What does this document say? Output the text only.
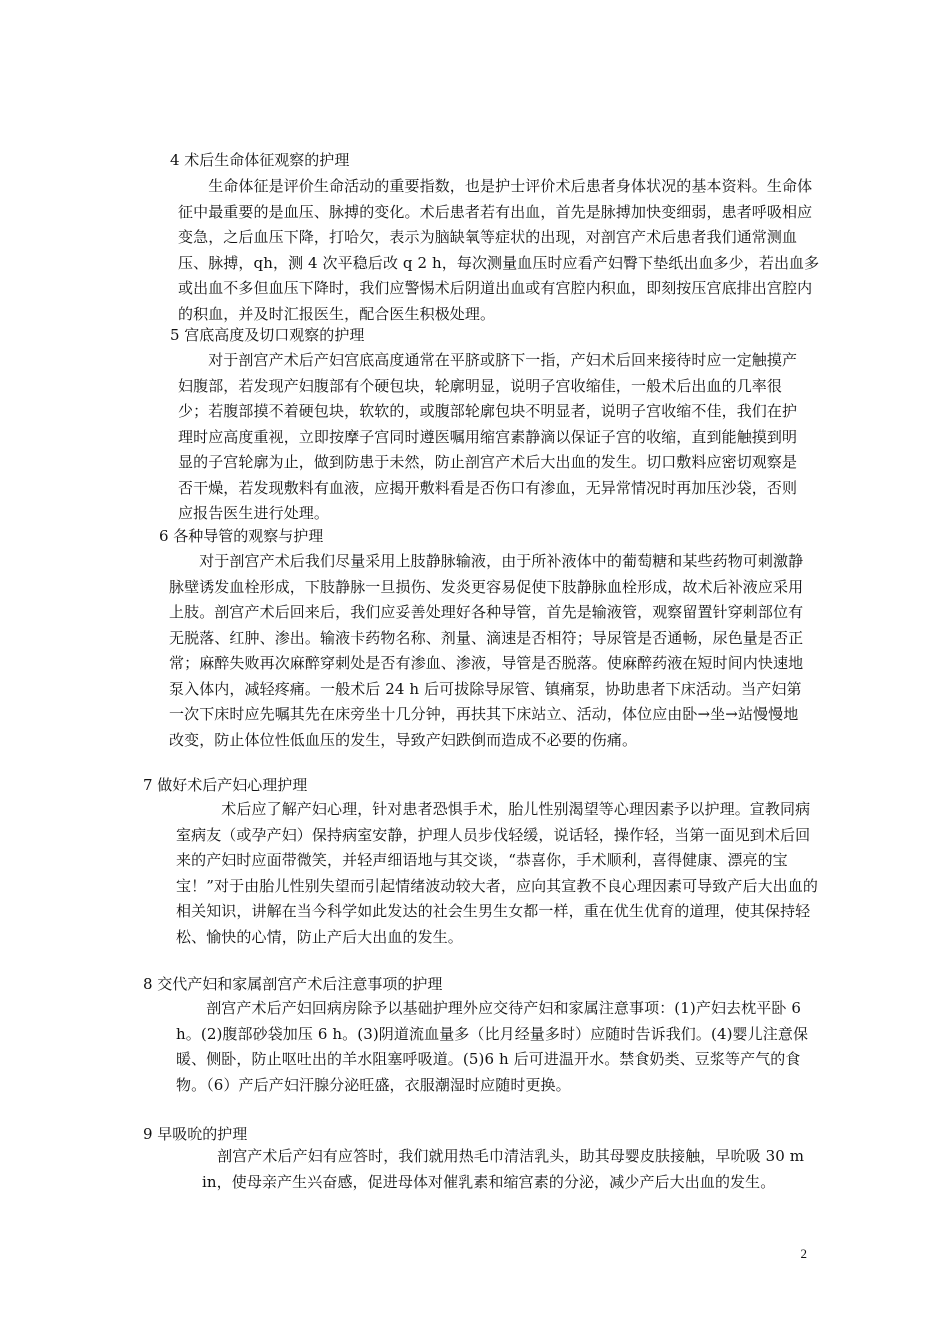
4 术后生命体征观察的护理

　　生命体征是评价生命活动的重要指数，也是护士评价术后患者身体状况的基本资料。生命体征中最重要的是血压、脉搏的变化。术后患者若有出血，首先是脉搏加快变细弱，患者呼吸相应变急，之后血压下降，打哈欠，表示为脑缺氧等症状的出现，对剖宫产术后患者我们通常测血压、脉搏，qh，测 4 次平稳后改 q 2 h，每次测量血压时应看产妇臀下垫纸出血多少，若出血多或出血不多但血压下降时，我们应警惕术后阴道出血或有宫腔内积血，即刻按压宫底排出宫腔内的积血，并及时汇报医生，配合医生积极处理。

5 宫底高度及切口观察的护理

　　对于剖宫产术后产妇宫底高度通常在平脐或脐下一指，产妇术后回来接待时应一定触摸产妇腹部，若发现产妇腹部有个硬包块，轮廓明显，说明子宫收缩佳，一般术后出血的几率很少；若腹部摸不着硬包块，软软的，或腹部轮廓包块不明显者，说明子宫收缩不佳，我们在护理时应高度重视，立即按摩子宫同时遵医嘱用缩宫素静滴以保证子宫的收缩，直到能触摸到明显的子宫轮廓为止，做到防患于未然，防止剖宫产术后大出血的发生。切口敷料应密切观察是否干燥，若发现敷料有血液，应揭开敷料看是否伤口有渗血，无异常情况时再加压沙袋，否则应报告医生进行处理。

6 各种导管的观察与护理

　　对于剖宫产术后我们尽量采用上肢静脉输液，由于所补液体中的葡萄糖和某些药物可刺激静脉壁诱发血栓形成，下肢静脉一旦损伤、发炎更容易促使下肢静脉血栓形成，故术后补液应采用上肢。剖宫产术后回来后，我们应妥善处理好各种导管，首先是输液管，观察留置针穿刺部位有无脱落、红肿、渗出。输液卡药物名称、剂量、滴速是否相符；导尿管是否通畅，尿色量是否正常；麻醉失败再次麻醉穿刺处是否有渗血、渗液，导管是否脱落。使麻醉药液在短时间内快速地泵入体内，减轻疼痛。一般术后 24 h 后可拔除导尿管、镇痛泵，协助患者下床活动。当产妇第一次下床时应先嘱其先在床旁坐十几分钟，再扶其下床站立、活动，体位应由卧→坐→站慢慢地改变，防止体位性低血压的发生，导致产妇跌倒而造成不必要的伤痛。

7 做好术后产妇心理护理

　　　术后应了解产妇心理，针对患者恐惧手术，胎儿性别渴望等心理因素予以护理。宣教同病室病友（或孕产妇）保持病室安静，护理人员步伐轻缓，说话轻，操作轻，当第一面见到术后回来的产妇时应面带微笑，并轻声细语地与其交谈，“恭喜你，手术顺利，喜得健康、漂亮的宝宝！”对于由胎儿性别失望而引起情绪波动较大者，应向其宣教不良心理因素可导致产后大出血的相关知识，讲解在当今科学如此发达的社会生男生女都一样，重在优生优育的道理，使其保持轻松、愉快的心情，防止产后大出血的发生。

8 交代产妇和家属剖宫产术后注意事项的护理

　　剖宫产术后产妇回病房除予以基础护理外应交待产妇和家属注意事项：(1)产妇去枕平卧 6 h。(2)腹部砂袋加压 6 h。(3)阴道流血量多（比月经量多时）应随时告诉我们。(4)婴儿注意保暖、侧卧，防止呕吐出的羊水阻塞呼吸道。(5)6 h 后可进温开水。禁食奶类、豆浆等产气的食物。（6）产后产妇汗腺分泌旺盛，衣服潮湿时应随时更换。

9 早吸吮的护理

　剖宫产术后产妇有应答时，我们就用热毛巾清洁乳头，助其母婴皮肤接触，早吮吸 30 min，使母亲产生兴奋感，促进母体对催乳素和缩宫素的分泌，减少产后大出血的发生。

2
